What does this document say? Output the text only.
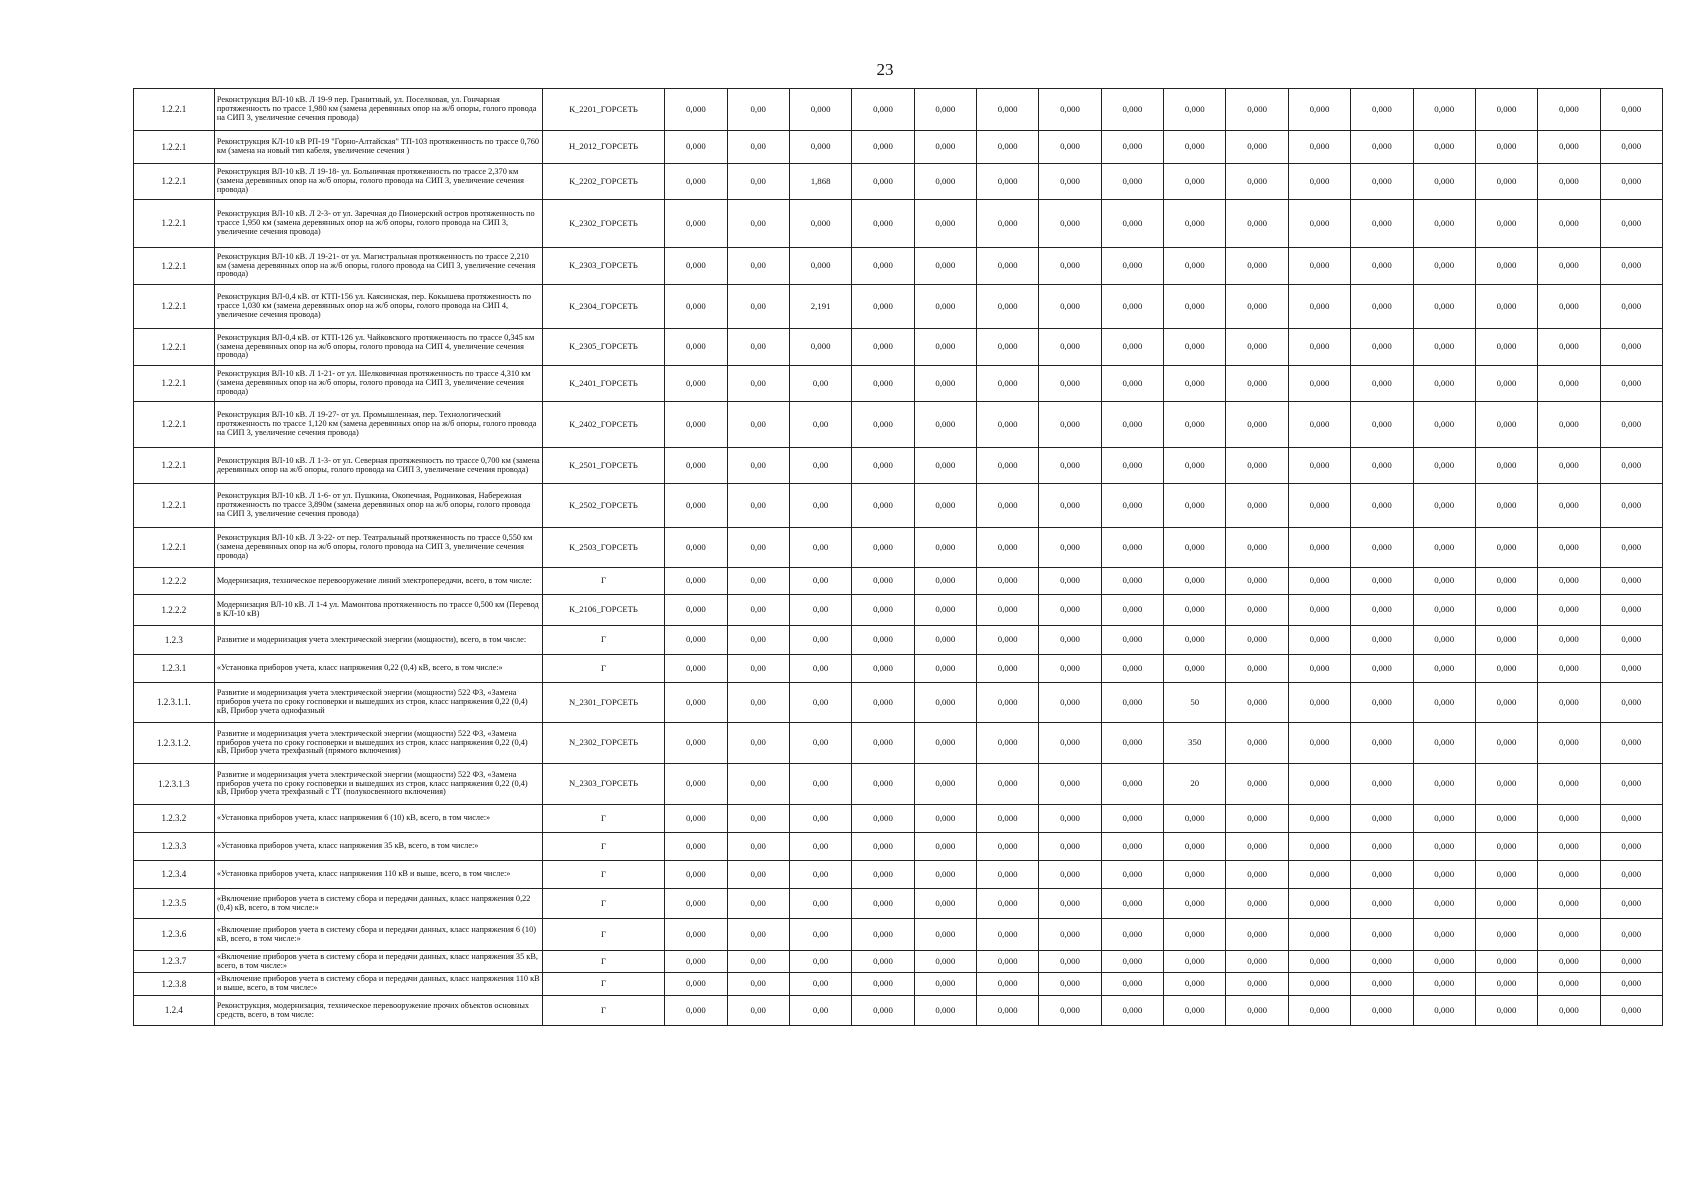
23
1.2.2.1	Реконструкция ВЛ-10 кВ. Л 19-9 пер. Гранитный, ул. Поселковая, ул. Гончарная протяженность по трассе 1,980 км (замена деревянных опор на ж/б опоры, голого провода на СИП 3, увеличение сечения провода)	К_2201_ГОРСЕТЬ	0,000	0,00	0,000	0,000	0,000	0,000	0,000	0,000	0,000	0,000	0,000	0,000	0,000	0,000	0,000	0,000
1.2.2.1	Реконструкция КЛ-10 кВ РП-19 "Горно-Алтайская" ТП-103 протяженность по трассе 0,760 км (замена на новый тип кабеля, увеличение сечения )	Н_2012_ГОРСЕТЬ	0,000	0,00	0,000	0,000	0,000	0,000	0,000	0,000	0,000	0,000	0,000	0,000	0,000	0,000	0,000	0,000
1.2.2.1	Реконструкция ВЛ-10 кВ. Л 19-18- ул. Больничная протяженность по трассе 2,370 км (замена деревянных опор на ж/б опоры, голого провода на СИП 3, увеличение сечения провода)	К_2202_ГОРСЕТЬ	0,000	0,00	1,868	0,000	0,000	0,000	0,000	0,000	0,000	0,000	0,000	0,000	0,000	0,000	0,000	0,000
1.2.2.1	Реконструкция ВЛ-10 кВ. Л 2-3- от ул. Заречная до Пионерский остров протяженность по трассе 1,950 км (замена деревянных опор на ж/б опоры, голого провода на СИП 3, увеличение сечения провода)	К_2302_ГОРСЕТЬ	0,000	0,00	0,000	0,000	0,000	0,000	0,000	0,000	0,000	0,000	0,000	0,000	0,000	0,000	0,000	0,000
1.2.2.1	Реконструкция ВЛ-10 кВ. Л 19-21- от ул. Магистральная протяженность по трассе 2,210 км (замена деревянных опор на ж/б опоры, голого провода на СИП 3, увеличение сечения провода)	К_2303_ГОРСЕТЬ	0,000	0,00	0,000	0,000	0,000	0,000	0,000	0,000	0,000	0,000	0,000	0,000	0,000	0,000	0,000	0,000
1.2.2.1	Реконструкция ВЛ-0,4 кВ. от КТП-156 ул. Каясинская, пер. Кокышева протяженность по трассе 1,030 км (замена деревянных опор на ж/б опоры, голого провода на СИП 4, увеличение сечения провода)	К_2304_ГОРСЕТЬ	0,000	0,00	2,191	0,000	0,000	0,000	0,000	0,000	0,000	0,000	0,000	0,000	0,000	0,000	0,000	0,000
1.2.2.1	Реконструкция ВЛ-0,4 кВ. от КТП-126 ул. Чайковского протяженность по трассе 0,345 км (замена деревянных опор на ж/б опоры, голого провода на СИП 4, увеличение сечения провода)	К_2305_ГОРСЕТЬ	0,000	0,00	0,000	0,000	0,000	0,000	0,000	0,000	0,000	0,000	0,000	0,000	0,000	0,000	0,000	0,000
1.2.2.1	Реконструкция ВЛ-10 кВ. Л 1-21- от ул. Шелковичная протяженность по трассе 4,310 км (замена деревянных опор на ж/б опоры, голого провода на СИП 3, увеличение сечения провода)	К_2401_ГОРСЕТЬ	0,000	0,00	0,00	0,000	0,000	0,000	0,000	0,000	0,000	0,000	0,000	0,000	0,000	0,000	0,000	0,000
1.2.2.1	Реконструкция ВЛ-10 кВ. Л 19-27- от ул. Промышленная, пер. Технологический протяженность по трассе 1,120 км (замена деревянных опор на ж/б опоры, голого провода на СИП 3, увеличение сечения провода)	К_2402_ГОРСЕТЬ	0,000	0,00	0,00	0,000	0,000	0,000	0,000	0,000	0,000	0,000	0,000	0,000	0,000	0,000	0,000	0,000
1.2.2.1	Реконструкция ВЛ-10 кВ. Л 1-3- от ул. Северная протяженность по трассе 0,700 км (замена деревянных опор на ж/б опоры, голого провода на СИП 3, увеличение сечения провода)	К_2501_ГОРСЕТЬ	0,000	0,00	0,00	0,000	0,000	0,000	0,000	0,000	0,000	0,000	0,000	0,000	0,000	0,000	0,000	0,000
1.2.2.1	Реконструкция ВЛ-10 кВ. Л 1-6- от ул. Пушкина, Окопечная, Родниковая, Набережная протяженность по трассе 3,890м (замена деревянных опор на ж/б опоры, голого провода на СИП 3, увеличение сечения провода)	К_2502_ГОРСЕТЬ	0,000	0,00	0,00	0,000	0,000	0,000	0,000	0,000	0,000	0,000	0,000	0,000	0,000	0,000	0,000	0,000
1.2.2.1	Реконструкция ВЛ-10 кВ. Л 3-22- от пер. Театральный протяженность по трассе 0,550 км (замена деревянных опор на ж/б опоры, голого провода на СИП 3, увеличение сечения провода)	К_2503_ГОРСЕТЬ	0,000	0,00	0,00	0,000	0,000	0,000	0,000	0,000	0,000	0,000	0,000	0,000	0,000	0,000	0,000	0,000
1.2.2.2	Модернизация, техническое перевооружение линий электропередачи, всего, в том числе:	Г	0,000	0,00	0,00	0,000	0,000	0,000	0,000	0,000	0,000	0,000	0,000	0,000	0,000	0,000	0,000	0,000
1.2.2.2	Модернизация ВЛ-10 кВ. Л 1-4 ул. Мамонтова протяженность по трассе 0,500 км (Перевод в КЛ-10 кВ)	К_2106_ГОРСЕТЬ	0,000	0,00	0,00	0,000	0,000	0,000	0,000	0,000	0,000	0,000	0,000	0,000	0,000	0,000	0,000	0,000
1.2.3	Развитие и модернизация учета электрической энергии (мощности), всего, в том числе:	Г	0,000	0,00	0,00	0,000	0,000	0,000	0,000	0,000	0,000	0,000	0,000	0,000	0,000	0,000	0,000	0,000
1.2.3.1	«Установка приборов учета, класс напряжения 0,22 (0,4) кВ, всего, в том числе:»	Г	0,000	0,00	0,00	0,000	0,000	0,000	0,000	0,000	0,000	0,000	0,000	0,000	0,000	0,000	0,000	0,000
1.2.3.1.1.	Развитие и модернизация учета электрической энергии (мощности) 522 ФЗ, «Замена приборов учета по сроку госповерки и вышедших из строя, класс напряжения 0,22 (0,4) кВ, Прибор учета однофазный	N_2301_ГОРСЕТЬ	0,000	0,00	0,00	0,000	0,000	0,000	0,000	0,000	50	0,000	0,000	0,000	0,000	0,000	0,000	0,000
1.2.3.1.2.	Развитие и модернизация учета электрической энергии (мощности) 522 ФЗ, «Замена приборов учета по сроку госповерки и вышедших из строя, класс напряжения 0,22 (0,4) кВ, Прибор учета трехфазный (прямого включения)	N_2302_ГОРСЕТЬ	0,000	0,00	0,00	0,000	0,000	0,000	0,000	0,000	350	0,000	0,000	0,000	0,000	0,000	0,000	0,000
1.2.3.1.3	Развитие и модернизация учета электрической энергии (мощности) 522 ФЗ, «Замена приборов учета по сроку госповерки и вышедших из строя, класс напряжения 0,22 (0,4) кВ, Прибор учета трехфазный с ТТ (полукосвенного включения)	N_2303_ГОРСЕТЬ	0,000	0,00	0,00	0,000	0,000	0,000	0,000	0,000	20	0,000	0,000	0,000	0,000	0,000	0,000	0,000
1.2.3.2	«Установка приборов учета, класс напряжения 6 (10) кВ, всего, в том числе:»	Г	0,000	0,00	0,00	0,000	0,000	0,000	0,000	0,000	0,000	0,000	0,000	0,000	0,000	0,000	0,000	0,000
1.2.3.3	«Установка приборов учета, класс напряжения 35 кВ, всего, в том числе:»	Г	0,000	0,00	0,00	0,000	0,000	0,000	0,000	0,000	0,000	0,000	0,000	0,000	0,000	0,000	0,000	0,000
1.2.3.4	«Установка приборов учета, класс напряжения 110 кВ и выше, всего, в том числе:»	Г	0,000	0,00	0,00	0,000	0,000	0,000	0,000	0,000	0,000	0,000	0,000	0,000	0,000	0,000	0,000	0,000
1.2.3.5	«Включение приборов учета в систему сбора и передачи данных, класс напряжения 0,22 (0,4) кВ, всего, в том числе:»	Г	0,000	0,00	0,00	0,000	0,000	0,000	0,000	0,000	0,000	0,000	0,000	0,000	0,000	0,000	0,000	0,000
1.2.3.6	«Включение приборов учета в систему сбора и передачи данных, класс напряжения 6 (10) кВ, всего, в том числе:»	Г	0,000	0,00	0,00	0,000	0,000	0,000	0,000	0,000	0,000	0,000	0,000	0,000	0,000	0,000	0,000	0,000
1.2.3.7	«Включение приборов учета в систему сбора и передачи данных, класс напряжения 35 кВ, всего, в том числе:»	Г	0,000	0,00	0,00	0,000	0,000	0,000	0,000	0,000	0,000	0,000	0,000	0,000	0,000	0,000	0,000	0,000
1.2.3.8	«Включение приборов учета в систему сбора и передачи данных, класс напряжения 110 кВ и выше, всего, в том числе:»	Г	0,000	0,00	0,00	0,000	0,000	0,000	0,000	0,000	0,000	0,000	0,000	0,000	0,000	0,000	0,000	0,000
1.2.4	Реконструкция, модернизация, техническое перевооружение прочих объектов основных средств, всего, в том числе:	Г	0,000	0,00	0,00	0,000	0,000	0,000	0,000	0,000	0,000	0,000	0,000	0,000	0,000	0,000	0,000	0,000
